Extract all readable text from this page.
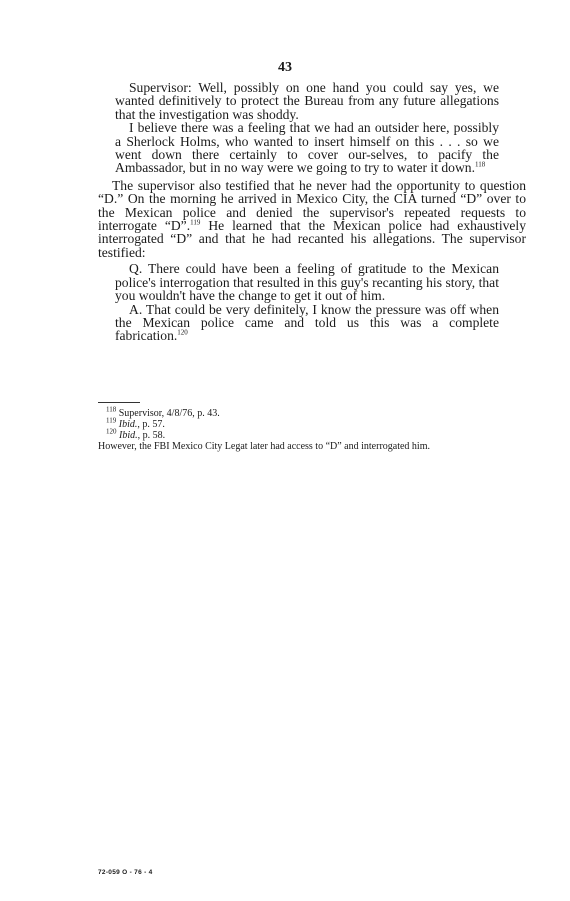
43

Supervisor: Well, possibly on one hand you could say yes, we wanted definitively to protect the Bureau from any future allegations that the investigation was shoddy.

I believe there was a feeling that we had an outsider here, possibly a Sherlock Holms, who wanted to insert himself on this . . . so we went down there certainly to cover our-selves, to pacify the Ambassador, but in no way were we going to try to water it down.$^{118}$

The supervisor also testified that he never had the opportunity to question “D.” On the morning he arrived in Mexico City, the CIA turned “D” over to the Mexican police and denied the supervisor's repeated requests to interrogate “D”.$^{119}$ He learned that the Mexican police had exhaustively interrogated “D” and that he had recanted his allegations. The supervisor testified:

Q. There could have been a feeling of gratitude to the Mexican police's interrogation that resulted in this guy's recanting his story, that you wouldn't have the change to get it out of him.

A. That could be very definitely, I know the pressure was off when the Mexican police came and told us this was a complete fabrication.$^{120}$

$^{118}$ Supervisor, 4/8/76, p. 43.

$^{119}$ Ibid., p. 57.

$^{120}$ Ibid., p. 58.

However, the FBI Mexico City Legat later had access to “D” and interrogated him.

72-059 O - 76 - 4
